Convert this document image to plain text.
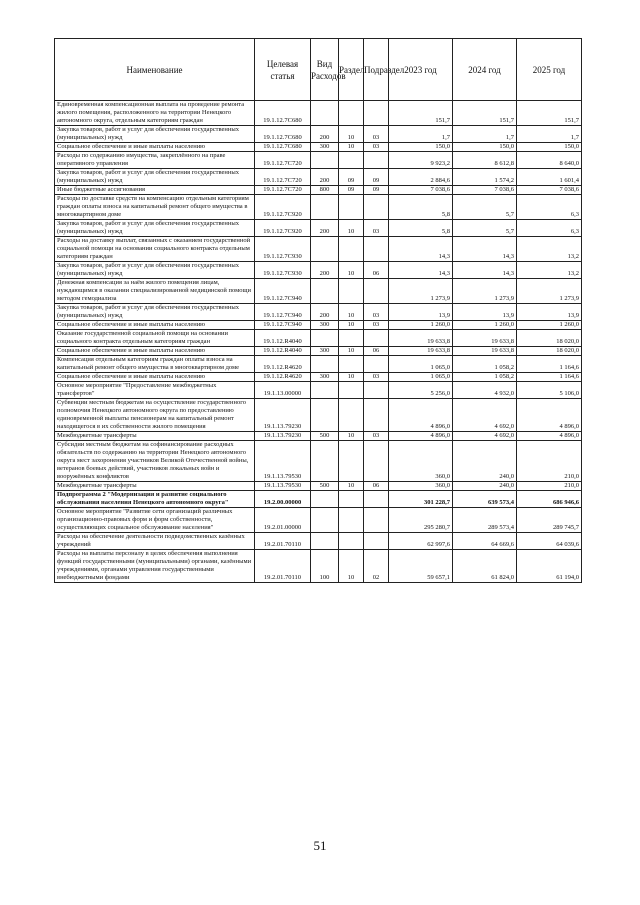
Наименование	Целевая статья	Вид Расходов	Раздел	Подраздел	2023 год	2024 год	2025 год
Единовременная компенсационная выплата на проведение ремонта жилого помещения, расположенного на территории Ненецкого автономного округа, отдельным категориям граждан	19.1.12.7С680				151,7	151,7	151,7
Закупка товаров, работ и услуг для обеспечения государственных (муниципальных) нужд	19.1.12.7С680	200	10	03	1,7	1,7	1,7
Социальное обеспечение и иные выплаты населению	19.1.12.7С680	300	10	03	150,0	150,0	150,0
Расходы по содержанию имущества, закреплённого на праве оперативного управления	19.1.12.7С720				9 923,2	8 612,8	8 640,0
Закупка товаров, работ и услуг для обеспечения государственных (муниципальных) нужд	19.1.12.7С720	200	09	09	2 884,6	1 574,2	1 601,4
Иные бюджетные ассигнования	19.1.12.7С720	800	09	09	7 038,6	7 038,6	7 038,6
Расходы по доставке средств на компенсацию отдельным категориям граждан оплаты взноса на капитальный ремонт общего имущества в многоквартирном доме	19.1.12.7С920				5,8	5,7	6,3
Закупка товаров, работ и услуг для обеспечения государственных (муниципальных) нужд	19.1.12.7С920	200	10	03	5,8	5,7	6,3
Расходы на доставку выплат, связанных с оказанием государственной социальной помощи на основании социального контракта отдельным категориям граждан	19.1.12.7С930				14,3	14,3	13,2
Закупка товаров, работ и услуг для обеспечения государственных (муниципальных) нужд	19.1.12.7С930	200	10	06	14,3	14,3	13,2
Денежная компенсация за наём жилого помещения лицам, нуждающимся в оказании специализированной медицинской помощи методом гемодиализа	19.1.12.7С940				1 273,9	1 273,9	1 273,9
Закупка товаров, работ и услуг для обеспечения государственных (муниципальных) нужд	19.1.12.7С940	200	10	03	13,9	13,9	13,9
Социальное обеспечение и иные выплаты населению	19.1.12.7С940	300	10	03	1 260,0	1 260,0	1 260,0
Оказание государственной социальной помощи на основании социального контракта отдельным категориям граждан	19.1.12.R4040				19 633,8	19 633,8	18 020,0
Социальное обеспечение и иные выплаты населению	19.1.12.R4040	300	10	06	19 633,8	19 633,8	18 020,0
Компенсация отдельным категориям граждан оплаты взноса на капитальный ремонт общего имущества в многоквартирном доме	19.1.12.R4620				1 065,0	1 058,2	1 164,6
Социальное обеспечение и иные выплаты населению	19.1.12.R4620	300	10	03	1 065,0	1 058,2	1 164,6
Основное мероприятие "Предоставление межбюджетных трансфертов"	19.1.13.00000				5 256,0	4 932,0	5 106,0
Субвенции местным бюджетам на осуществление государственного полномочия Ненецкого автономного округа по предоставлению единовременной выплаты пенсионерам на капитальный ремонт находящегося в их собственности жилого помещения	19.1.13.79230				4 896,0	4 692,0	4 896,0
Межбюджетные трансферты	19.1.13.79230	500	10	03	4 896,0	4 692,0	4 896,0
Субсидии местным бюджетам на софинансирование расходных обязательств по содержанию на территории Ненецкого автономного округа мест захоронения участников Великой Отечественной войны, ветеранов боевых действий, участников локальных войн и вооружённых конфликтов	19.1.13.79530				360,0	240,0	210,0
Межбюджетные трансферты	19.1.13.79530	500	10	06	360,0	240,0	210,0
Подпрограмма 2 "Модернизация и развитие социального обслуживания населения Ненецкого автономного округа"	19.2.00.00000				301 228,7	639 573,4	686 946,6
Основное мероприятие "Развитие сети организаций различных организационно-правовых форм и форм собственности, осуществляющих социальное обслуживание населения"	19.2.01.00000				295 280,7	289 573,4	289 745,7
Расходы на обеспечение деятельности подведомственных казённых учреждений	19.2.01.70110				62 997,6	64 669,6	64 039,6
Расходы на выплаты персоналу в целях обеспечения выполнения функций государственными (муниципальными) органами, казёнными учреждениями, органами управления государственными внебюджетными фондами	19.2.01.70110	100	10	02	59 657,1	61 824,0	61 194,0
51
